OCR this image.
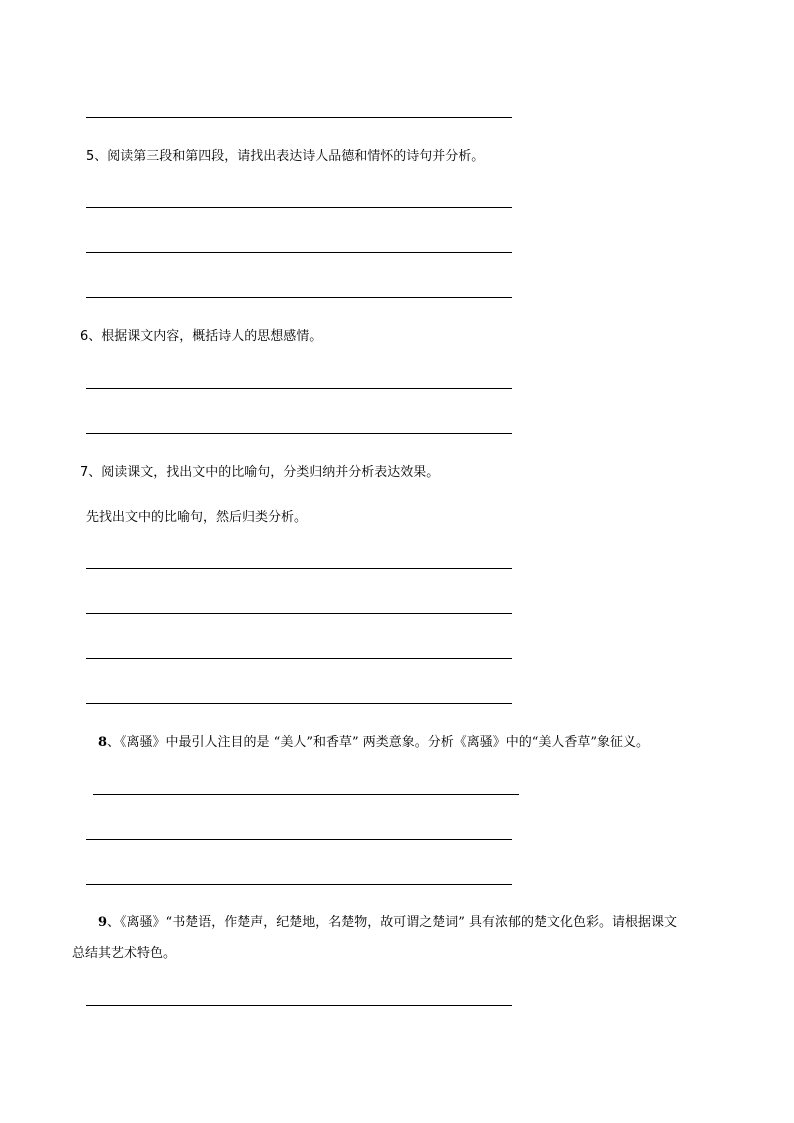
5、阅读第三段和第四段，请找出表达诗人品德和情怀的诗句并分析。
6、根据课文内容，概括诗人的思想感情。
7、阅读课文，找出文中的比喻句，分类归纳并分析表达效果。
先找出文中的比喻句，然后归类分析。
8、《离骚》中最引人注目的是 “美人”和香草” 两类意象。分析《离骚》中的“美人香草”象征义。
9、《离骚》“书楚语，作楚声，纪楚地，名楚物，故可谓之楚词” 具有浓郁的楚文化色彩。请根据课文
总结其艺术特色。
